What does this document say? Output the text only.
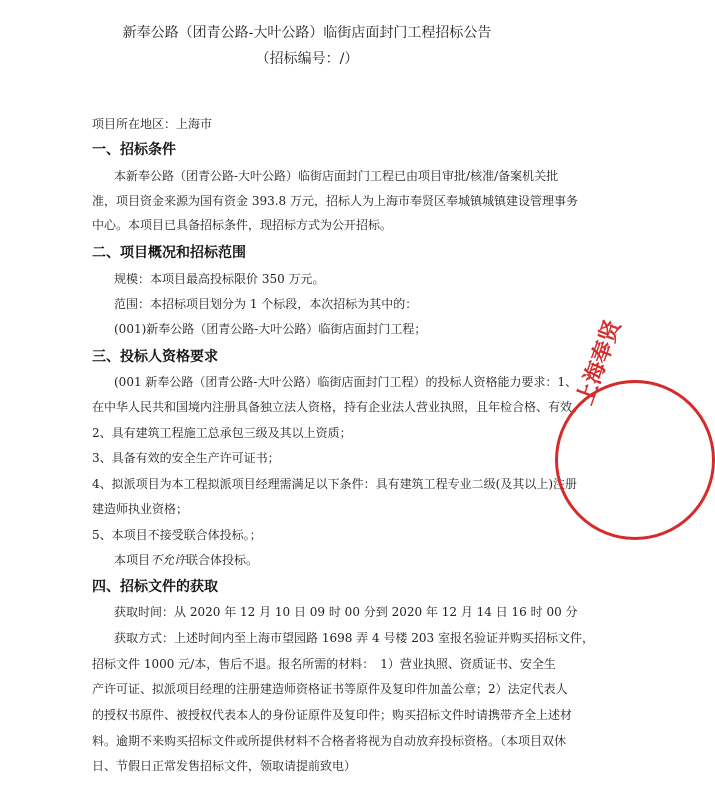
新奉公路（团青公路-大叶公路）临街店面封门工程招标公告
（招标编号：/）
项目所在地区：上海市
一、招标条件
本新奉公路（团青公路-大叶公路）临街店面封门工程已由项目审批/核准/备案机关批
准，项目资金来源为国有资金 393.8 万元，招标人为上海市奉贤区奉城镇城镇建设管理事务
中心。本项目已具备招标条件，现招标方式为公开招标。
二、项目概况和招标范围
规模：本项目最高投标限价 350 万元。
范围：本招标项目划分为 1 个标段，本次招标为其中的：
(001)新奉公路（团青公路-大叶公路）临街店面封门工程；
三、投标人资格要求
(001 新奉公路（团青公路-大叶公路）临街店面封门工程）的投标人资格能力要求：1、
在中华人民共和国境内注册具备独立法人资格，持有企业法人营业执照，且年检合格、有效。
2、具有建筑工程施工总承包三级及其以上资质；
3、具备有效的安全生产许可证书；
4、拟派项目为本工程拟派项目经理需满足以下条件：具有建筑工程专业二级(及其以上)注册
建造师执业资格；
5、本项目不接受联合体投标。；
本项目不允许联合体投标。
四、招标文件的获取
获取时间：从 2020 年 12 月 10 日 09 时 00 分到 2020 年 12 月 14 日 16 时 00 分
获取方式：上述时间内至上海市望园路 1698 弄 4 号楼 203 室报名验证并购买招标文件，
招标文件 1000 元/本，售后不退。报名所需的材料：　1）营业执照、资质证书、安全生
产许可证、拟派项目经理的注册建造师资格证书等原件及复印件加盖公章；2）法定代表人
的授权书原件、被授权代表本人的身份证原件及复印件；购买招标文件时请携带齐全上述材
料。逾期不来购买招标文件或所提供材料不合格者将视为自动放弃投标资格。（本项目双休
日、节假日正常发售招标文件，领取请提前致电）
上海奉贤
